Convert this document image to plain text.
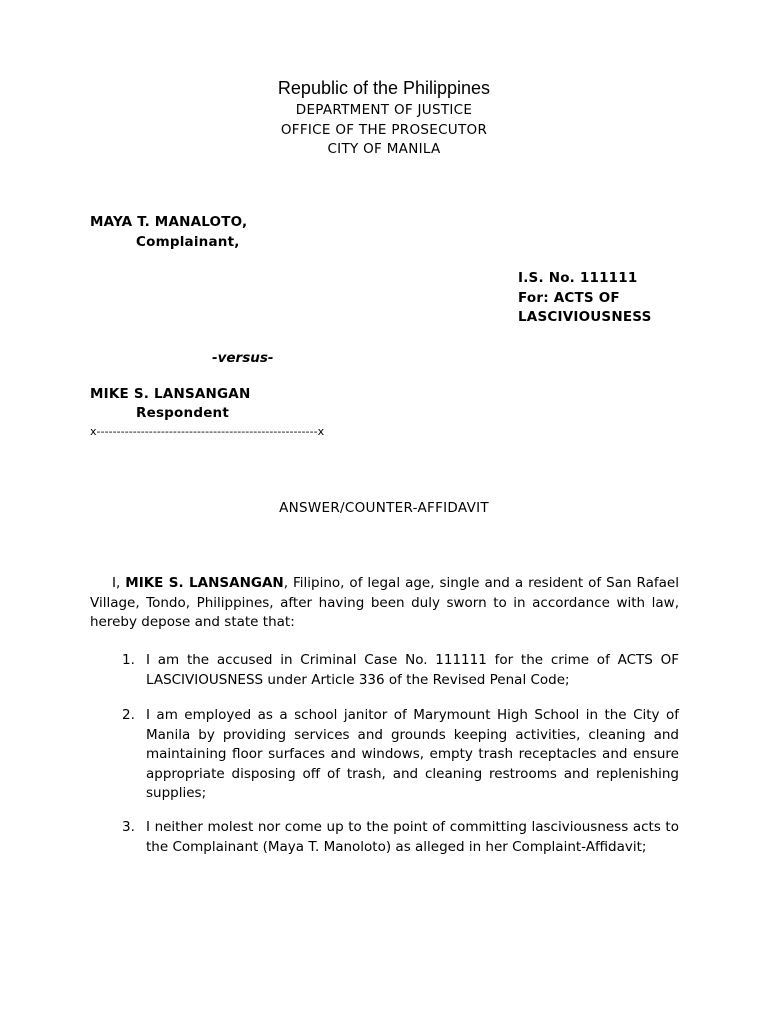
Republic of the Philippines
DEPARTMENT OF JUSTICE
OFFICE OF THE PROSECUTOR
CITY OF MANILA
MAYA T. MANALOTO,
Complainant,
I.S. No. 111111
For: ACTS OF
LASCIVIOUSNESS
-versus-
MIKE S. LANSANGAN
Respondent
x-------------------------------------------------------x
ANSWER/COUNTER-AFFIDAVIT

I, MIKE S. LANSANGAN, Filipino, of legal age, single and a resident of San Rafael Village, Tondo, Philippines, after having been duly sworn to in accordance with law, hereby depose and state that:

1. I am the accused in Criminal Case No. 111111 for the crime of ACTS OF LASCIVIOUSNESS under Article 336 of the Revised Penal Code;
2. I am employed as a school janitor of Marymount High School in the City of Manila by providing services and grounds keeping activities, cleaning and maintaining floor surfaces and windows, empty trash receptacles and ensure appropriate disposing off of trash, and cleaning restrooms and replenishing supplies;
3. I neither molest nor come up to the point of committing lasciviousness acts to the Complainant (Maya T. Manoloto) as alleged in her Complaint-Affidavit;
